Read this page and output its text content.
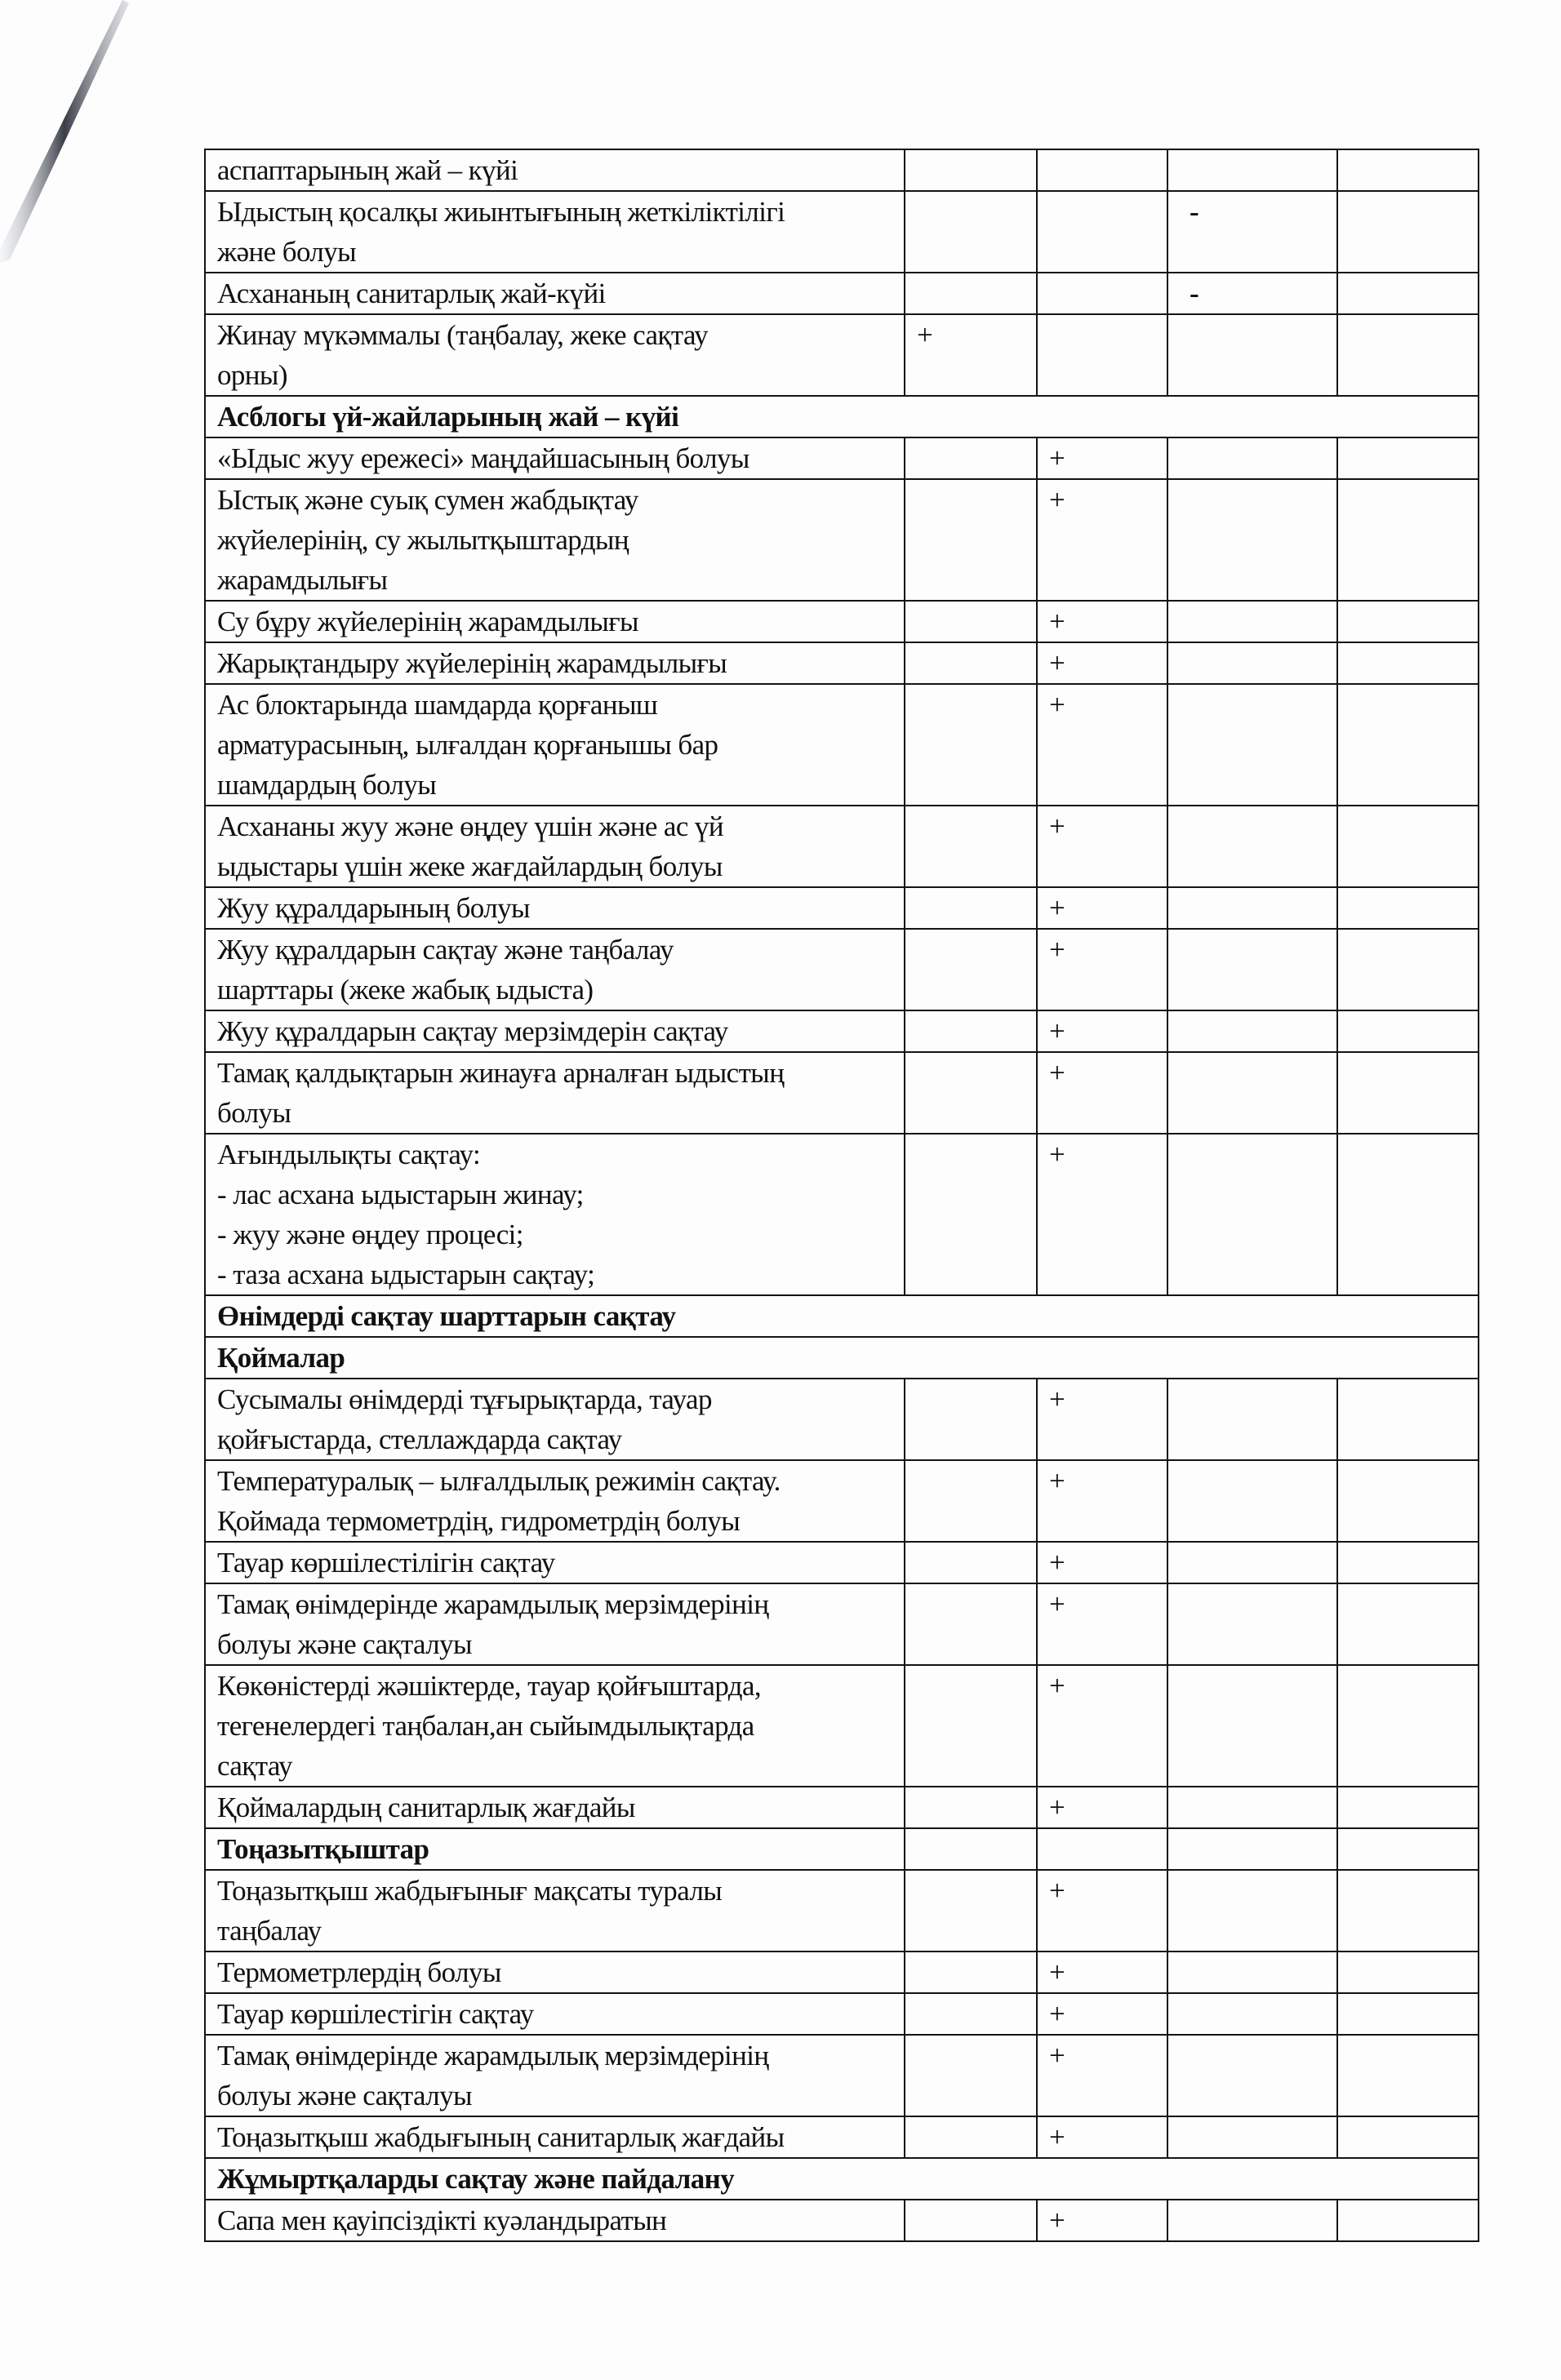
аспаптарының жай – күйі				

Ыдыстың қосалқы жиынтығының жеткіліктілігі
және болуы			-	

Асхананың санитарлық жай-күйі			-	

Жинау мүкәммалы (таңбалау, жеке сақтау
орны)	+			

Асблогы үй-жайларының жай – күйі				

«Ыдыс жуу ережесі» маңдайшасының болуы		+		

Ыстық және суық сумен жабдықтау
жүйелерінің, су жылытқыштардың
жарамдылығы		+		

Су бұру жүйелерінің жарамдылығы		+		

Жарықтандыру жүйелерінің жарамдылығы		+		

Ас блоктарында шамдарда қорғаныш
арматурасының, ылғалдан қорғанышы бар
шамдардың болуы		+		

Асхананы жуу және өңдеу үшін және ас үй
ыдыстары үшін жеке жағдайлардың болуы		+		

Жуу құралдарының болуы		+		

Жуу құралдарын сақтау және таңбалау
шарттары (жеке жабық ыдыста)		+		

Жуу құралдарын сақтау мерзімдерін сақтау		+		

Тамақ қалдықтарын жинауға арналған ыдыстың
болуы		+		

Ағындылықты сақтау:
- лас асхана ыдыстарын жинау;
- жуу және өңдеу процесі;
- таза асхана ыдыстарын сақтау;		+		

Өнімдерді сақтау шарттарын сақтау				

Қоймалар				

Сусымалы өнімдерді тұғырықтарда, тауар
қойғыстарда, стеллаждарда сақтау		+		

Температуралық – ылғалдылық режимін сақтау.
Қоймада термометрдің, гидрометрдің болуы		+		

Тауар көршілестілігін сақтау		+		

Тамақ өнімдерінде жарамдылық мерзімдерінің
болуы және сақталуы		+		

Көкөністерді жәшіктерде, тауар қойғыштарда,
тегенелердегі таңбалан,ан сыйымдылықтарда
сақтау		+		

Қоймалардың санитарлық жағдайы		+		

Тоңазытқыштар				

Тоңазытқыш жабдығынығ мақсаты туралы
таңбалау		+		

Термометрлердің болуы		+		

Тауар көршілестігін сақтау		+		

Тамақ өнімдерінде жарамдылық мерзімдерінің
болуы және сақталуы		+		

Тоңазытқыш жабдығының санитарлық жағдайы		+		

Жұмыртқаларды сақтау және пайдалану				

Сапа мен қауіпсіздікті куәландыратын		+		
